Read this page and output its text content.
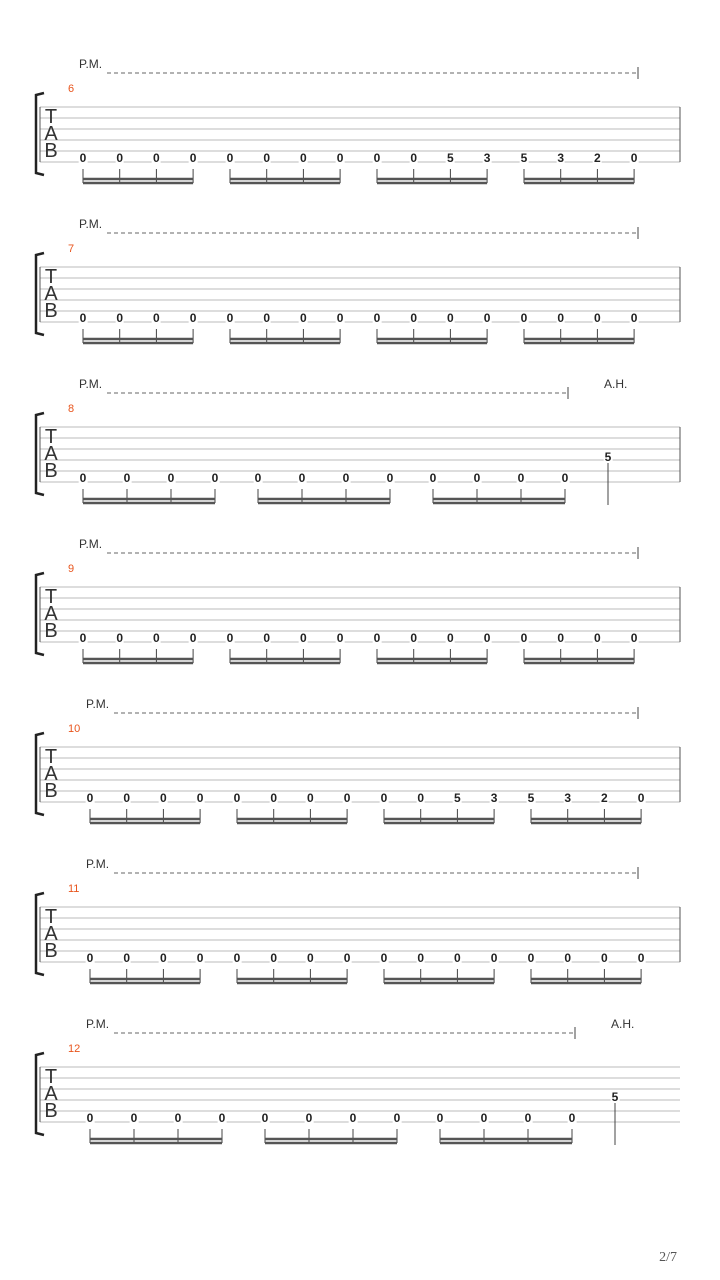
T
A
B
6
P.M.
0	0	0	0	0	0	0	0	0	0	5	3	5	3	2	0
T
A
B
7
P.M.
0	0	0	0	0	0	0	0	0	0	0	0	0	0	0	0
T
A
B
8
P.M.
0	0	0	0	0	0	0	0	0	0	0	0
A.H.
5
T
A
B
9
P.M.
0	0	0	0	0	0	0	0	0	0	0	0	0	0	0	0
T
A
B
10
P.M.
0	0	0	0	0	0	0	0	0	0	5	3	5	3	2	0
T
A
B
11
P.M.
0	0	0	0	0	0	0	0	0	0	0	0	0	0	0	0
T
A
B
12
P.M.
0	0	0	0	0	0	0	0	0	0	0	0
A.H.
5
2/7
